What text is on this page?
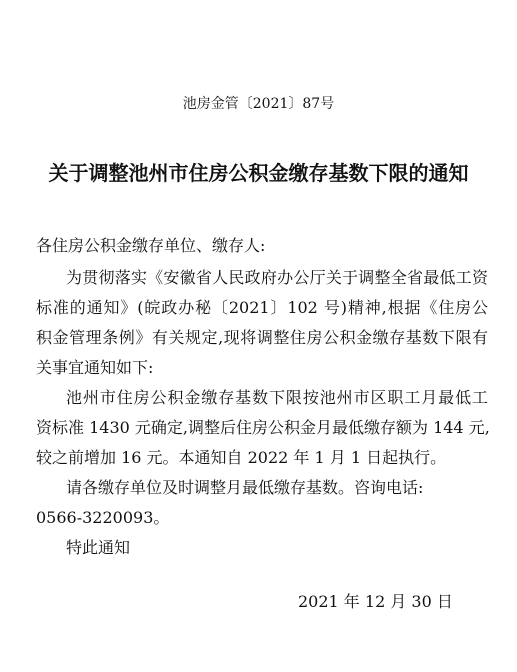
池房金管〔2021〕87号
关于调整池州市住房公积金缴存基数下限的通知
各住房公积金缴存单位、缴存人:
为贯彻落实《安徽省人民政府办公厅关于调整全省最低工资
标准的通知》(皖政办秘〔2021〕102 号)精神,根据《住房公
积金管理条例》有关规定,现将调整住房公积金缴存基数下限有
关事宜通知如下:
池州市住房公积金缴存基数下限按池州市区职工月最低工
资标准 1430 元确定,调整后住房公积金月最低缴存额为 144 元,
较之前增加 16 元。本通知自 2022 年 1 月 1 日起执行。
请各缴存单位及时调整月最低缴存基数。咨询电话:
0566-3220093。
特此通知
2021 年 12 月 30 日
